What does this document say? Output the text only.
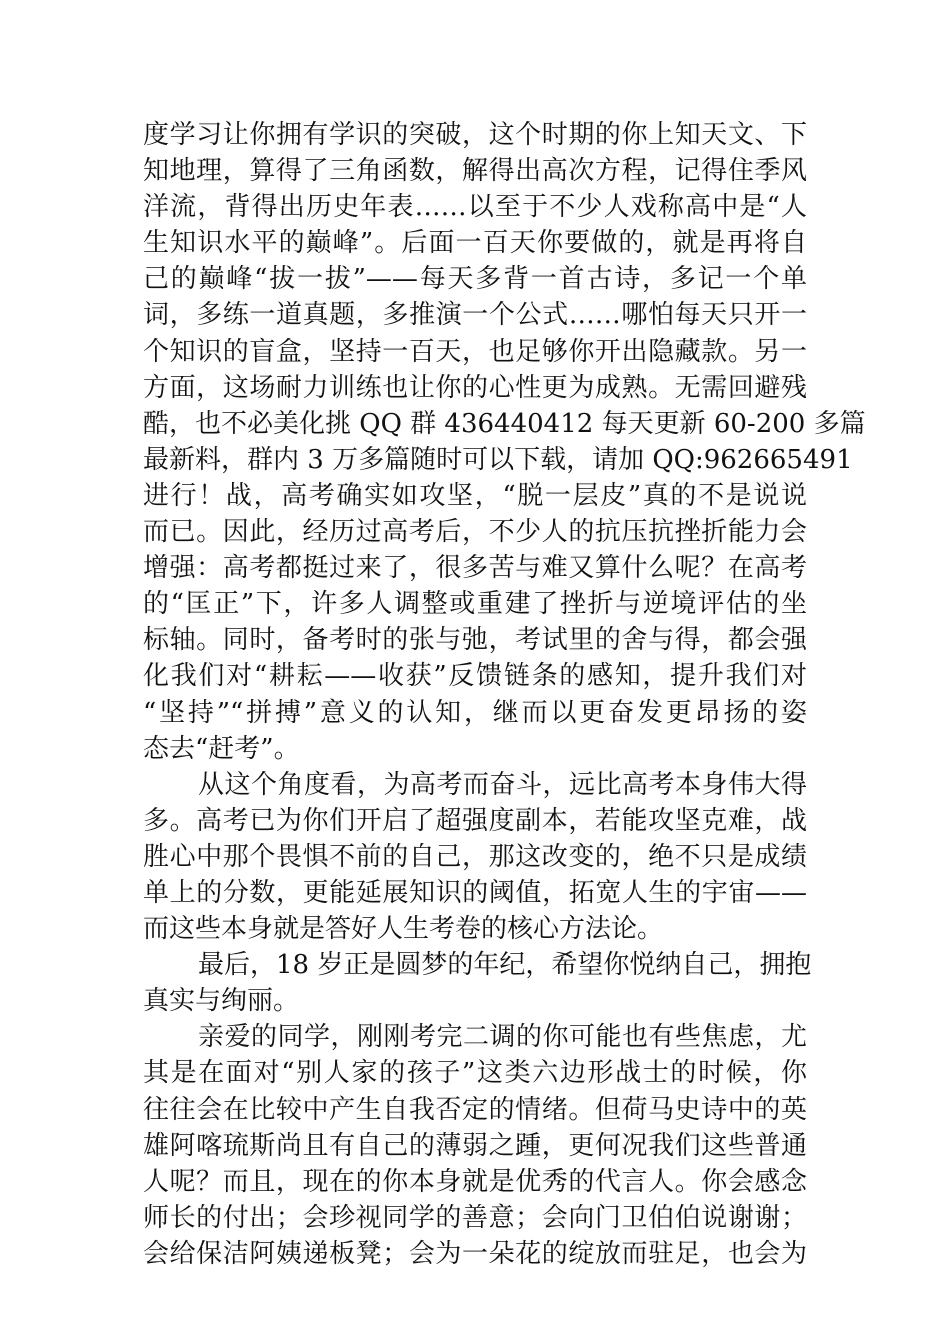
度学习让你拥有学识的突破，这个时期的你上知天文、下
知地理，算得了三角函数，解得出高次方程，记得住季风
洋流，背得出历史年表……以至于不少人戏称高中是“人
生知识水平的巅峰”。后面一百天你要做的，就是再将自
己的巅峰“拔一拔”——每天多背一首古诗，多记一个单
词，多练一道真题，多推演一个公式……哪怕每天只开一
个知识的盲盒，坚持一百天，也足够你开出隐藏款。另一
方面，这场耐力训练也让你的心性更为成熟。无需回避残
酷，也不必美化挑 QQ 群 436440412 每天更新 60-200 多篇
最新料，群内 3 万多篇随时可以下载，请加 QQ:962665491
进行！战，高考确实如攻坚，“脱一层皮”真的不是说说
而已。因此，经历过高考后，不少人的抗压抗挫折能力会
增强：高考都挺过来了，很多苦与难又算什么呢？在高考
的“匡正”下，许多人调整或重建了挫折与逆境评估的坐
标轴。同时，备考时的张与弛，考试里的舍与得，都会强
化我们对“耕耘——收获”反馈链条的感知，提升我们对
“坚持”“拼搏”意义的认知，继而以更奋发更昂扬的姿
态去“赶考”。
从这个角度看，为高考而奋斗，远比高考本身伟大得
多。高考已为你们开启了超强度副本，若能攻坚克难，战
胜心中那个畏惧不前的自己，那这改变的，绝不只是成绩
单上的分数，更能延展知识的阈值，拓宽人生的宇宙——
而这些本身就是答好人生考卷的核心方法论。
最后，18 岁正是圆梦的年纪，希望你悦纳自己，拥抱
真实与绚丽。
亲爱的同学，刚刚考完二调的你可能也有些焦虑，尤
其是在面对“别人家的孩子”这类六边形战士的时候，你
往往会在比较中产生自我否定的情绪。但荷马史诗中的英
雄阿喀琉斯尚且有自己的薄弱之踵，更何况我们这些普通
人呢？而且，现在的你本身就是优秀的代言人。你会感念
师长的付出；会珍视同学的善意；会向门卫伯伯说谢谢；
会给保洁阿姨递板凳；会为一朵花的绽放而驻足，也会为
